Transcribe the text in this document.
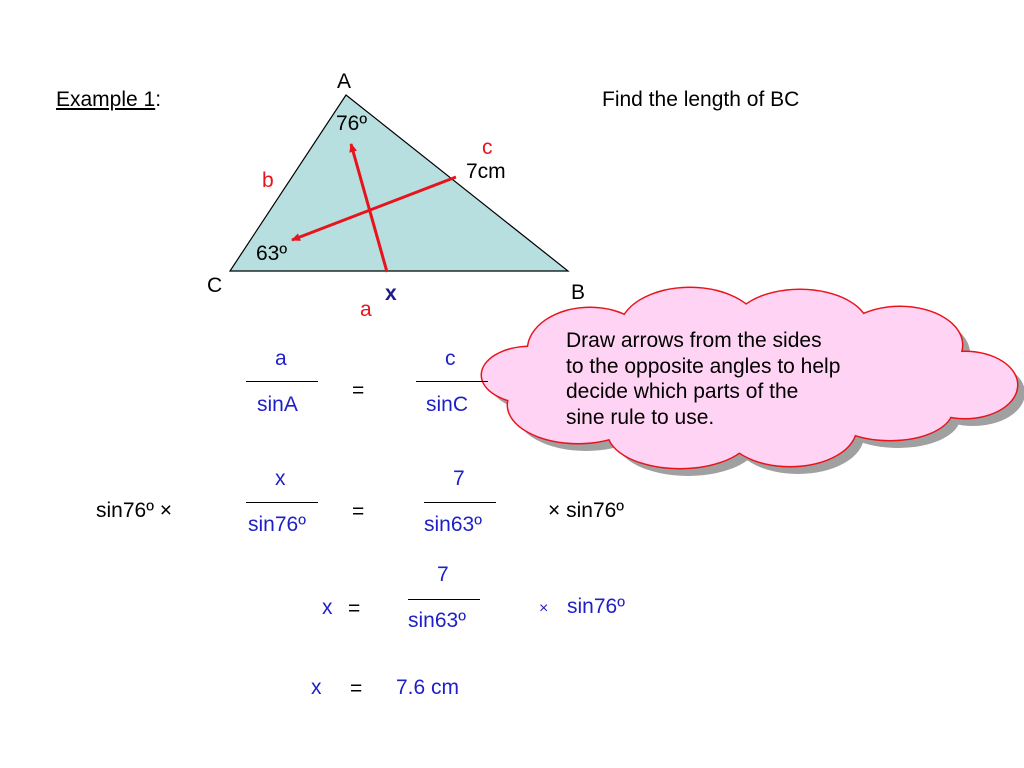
Example 1:	Find the length of BC
A
C	B
76º
63º
c
7cm
b
a
x
Draw arrows from the sides
to the opposite angles to help
decide which parts of the
sine rule to use.
a
sinA
=
c
sinC
sin76º ×
x
sin76º
=
7
sin63º
× sin76º
x =
7
sin63º
× sin76º
x = 7.6 cm
